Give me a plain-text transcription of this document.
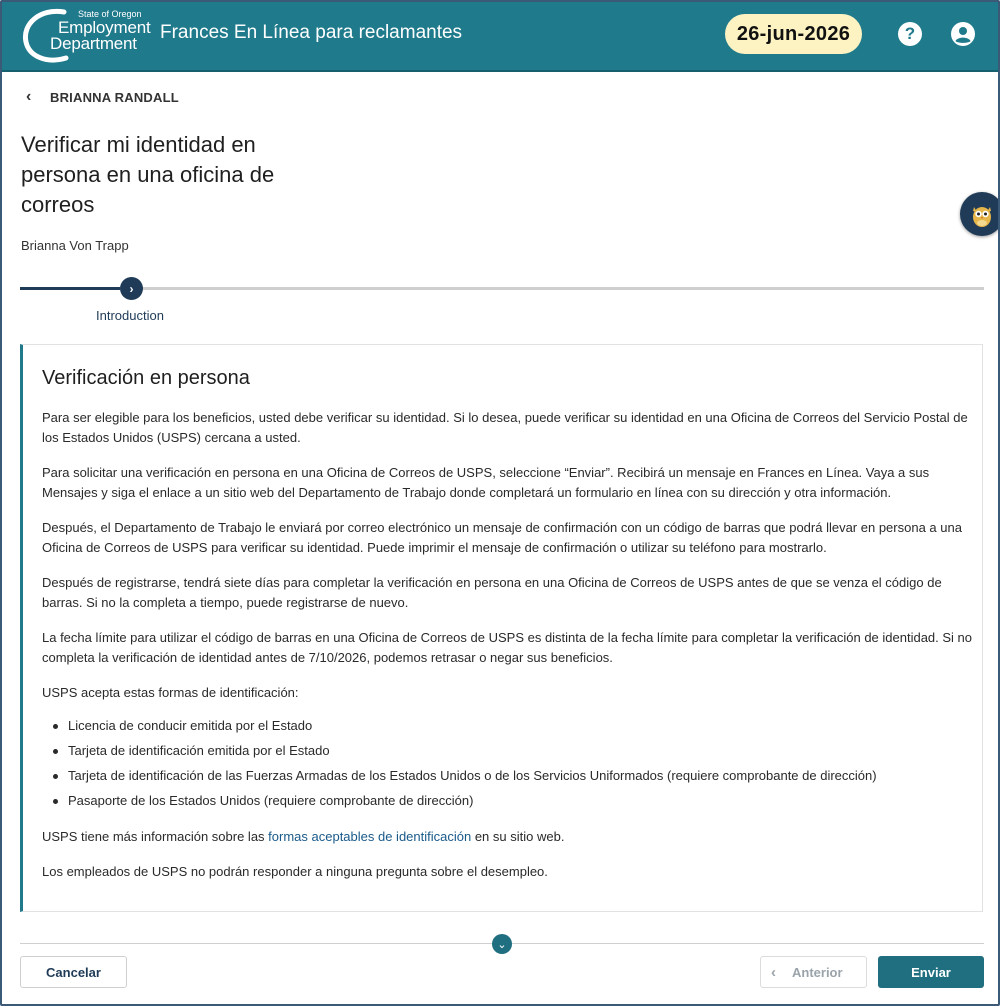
State of Oregon
Employment
Department
Frances En Línea para reclamantes	26-jun-2026	?
‹	BRIANNA RANDALL
Verificar mi identidad en persona en una oficina de correos
Brianna Von Trapp
›
Introduction
Verificación en persona

Para ser elegible para los beneficios, usted debe verificar su identidad. Si lo desea, puede verificar su identidad en una Oficina de Correos del Servicio Postal de los Estados Unidos (USPS) cercana a usted.

Para solicitar una verificación en persona en una Oficina de Correos de USPS, seleccione “Enviar”. Recibirá un mensaje en Frances en Línea. Vaya a sus Mensajes y siga el enlace a un sitio web del Departamento de Trabajo donde completará un formulario en línea con su dirección y otra información.

Después, el Departamento de Trabajo le enviará por correo electrónico un mensaje de confirmación con un código de barras que podrá llevar en persona a una Oficina de Correos de USPS para verificar su identidad. Puede imprimir el mensaje de confirmación o utilizar su teléfono para mostrarlo.

Después de registrarse, tendrá siete días para completar la verificación en persona en una Oficina de Correos de USPS antes de que se venza el código de barras. Si no la completa a tiempo, puede registrarse de nuevo.

La fecha límite para utilizar el código de barras en una Oficina de Correos de USPS es distinta de la fecha límite para completar la verificación de identidad. Si no completa la verificación de identidad antes de 7/10/2026, podemos retrasar o negar sus beneficios.

USPS acepta estas formas de identificación:

Licencia de conducir emitida por el Estado
Tarjeta de identificación emitida por el Estado
Tarjeta de identificación de las Fuerzas Armadas de los Estados Unidos o de los Servicios Uniformados (requiere comprobante de dirección)
Pasaporte de los Estados Unidos (requiere comprobante de dirección)

USPS tiene más información sobre las formas aceptables de identificación en su sitio web.

Los empleados de USPS no podrán responder a ninguna pregunta sobre el desempleo.

⌄
Cancelar	‹ Anterior	Enviar
